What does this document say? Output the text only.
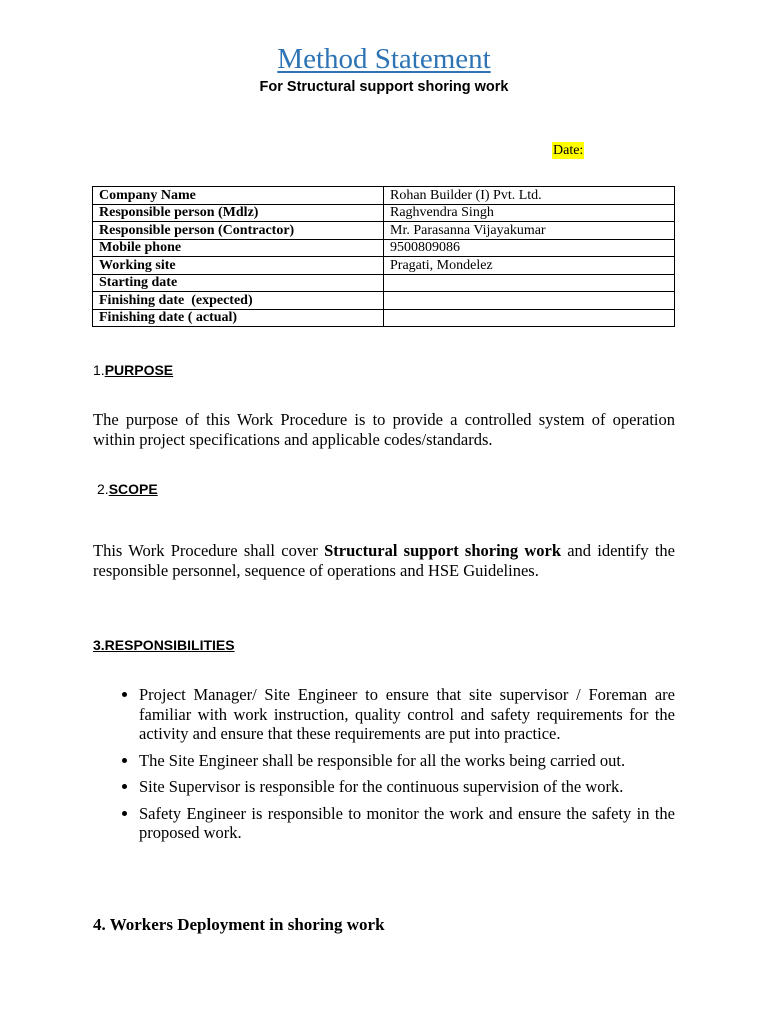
Method Statement
For Structural support shoring work
Date:
Company Name	Rohan Builder (I) Pvt. Ltd.
Responsible person (Mdlz)	Raghvendra Singh
Responsible person (Contractor)	Mr. Parasanna Vijayakumar
Mobile phone	9500809086
Working site	Pragati, Mondelez
Starting date	
Finishing date  (expected)	
Finishing date ( actual)	
1.PURPOSE
The purpose of this Work Procedure is to provide a controlled system of operation within project specifications and applicable codes/standards.
2.SCOPE
This Work Procedure shall cover Structural support shoring work and identify the responsible personnel, sequence of operations and HSE Guidelines.
3.RESPONSIBILITIES
• Project Manager/ Site Engineer to ensure that site supervisor / Foreman are familiar with work instruction, quality control and safety requirements for the activity and ensure that these requirements are put into practice.
• The Site Engineer shall be responsible for all the works being carried out.
• Site Supervisor is responsible for the continuous supervision of the work.
• Safety Engineer is responsible to monitor the work and ensure the safety in the proposed work.
4. Workers Deployment in shoring work
